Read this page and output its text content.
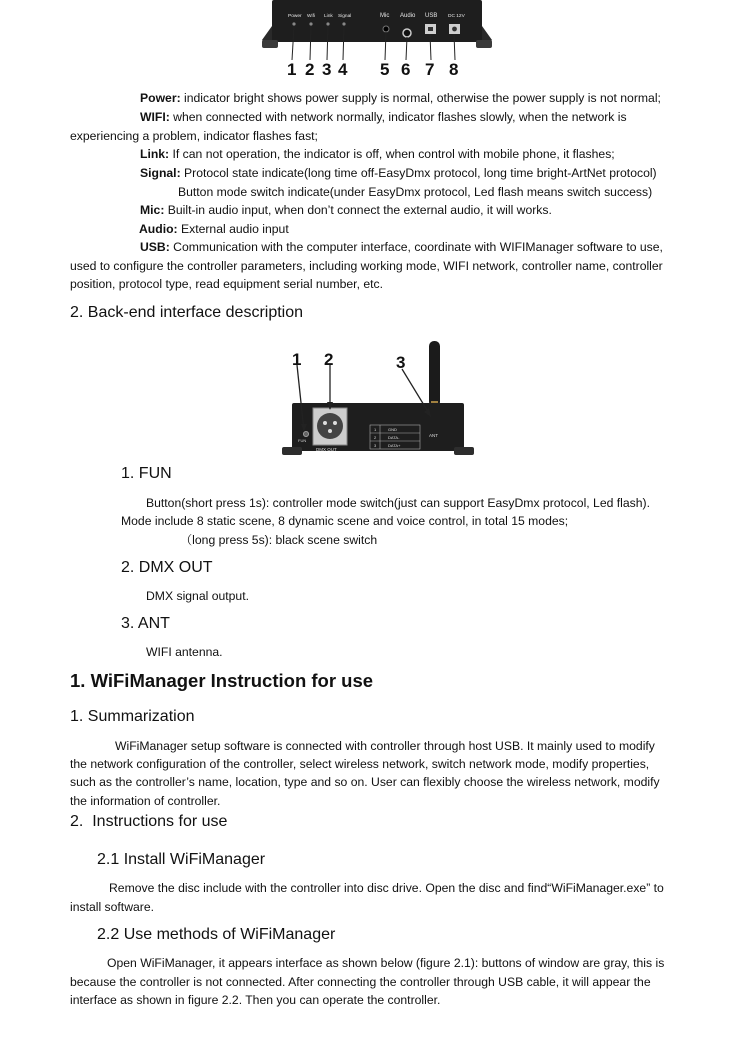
Power Wifi Link Signal	Mic Audio USB DC 12V
1 2 3 4 5 6 7 8

Power: indicator bright shows power supply is normal, otherwise the power supply is not normal;

WIFI: when connected with network normally, indicator flashes slowly, when the network is

experiencing a problem, indicator flashes fast;

Link: If can not operation, the indicator is off, when control with mobile phone, it flashes;

Signal: Protocol state indicate(long time off-EasyDmx protocol, long time bright-ArtNet protocol)

Button mode switch indicate(under EasyDmx protocol, Led flash means switch success)

Mic: Built-in audio input, when don’t connect the external audio, it will works.

Audio: External audio input

USB: Communication with the computer interface, coordinate with WIFIManager software to use,

used to configure the controller parameters, including working mode, WIFI network, controller name, controller

position, protocol type, read equipment serial number, etc.

2. Back-end interface description
FUN
DMX OUT
1	GND
2	DATA-
3	DATA+
ANT
1 2	3
1. FUN

Button(short press 1s): controller mode switch(just can support EasyDmx protocol, Led flash).

Mode include 8 static scene, 8 dynamic scene and voice control, in total 15 modes;

（long press 5s): black scene switch

2. DMX OUT

DMX signal output.

3. ANT

WIFI antenna.

1. WiFiManager Instruction for use
1. Summarization

WiFiManager setup software is connected with controller through host USB. It mainly used to modify

the network configuration of the controller, select wireless network, switch network mode, modify properties,

such as the controller’s name, location, type and so on. User can flexibly choose the wireless network, modify

the information of controller.

2.  Instructions for use
2.1 Install WiFiManager

Remove the disc include with the controller into disc drive. Open the disc and find“WiFiManager.exe” to

install software.

2.2 Use methods of WiFiManager

Open WiFiManager, it appears interface as shown below (figure 2.1): buttons of window are gray, this is

because the controller is not connected. After connecting the controller through USB cable, it will appear the

interface as shown in figure 2.2. Then you can operate the controller.
